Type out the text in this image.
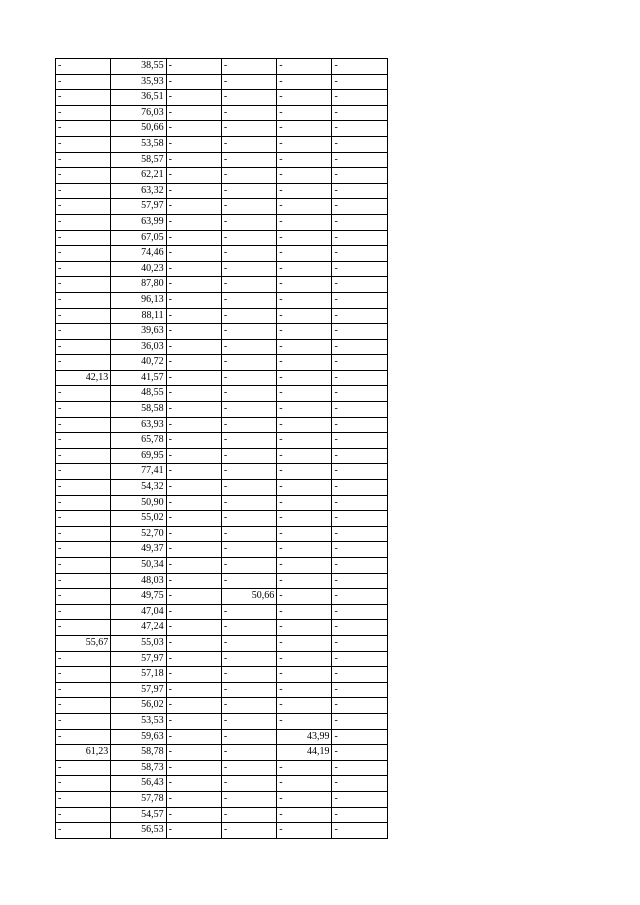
-	38,55	-	-	-	-
-	35,93	-	-	-	-
-	36,51	-	-	-	-
-	76,03	-	-	-	-
-	50,66	-	-	-	-
-	53,58	-	-	-	-
-	58,57	-	-	-	-
-	62,21	-	-	-	-
-	63,32	-	-	-	-
-	57,97	-	-	-	-
-	63,99	-	-	-	-
-	67,05	-	-	-	-
-	74,46	-	-	-	-
-	40,23	-	-	-	-
-	87,80	-	-	-	-
-	96,13	-	-	-	-
-	88,11	-	-	-	-
-	39,63	-	-	-	-
-	36,03	-	-	-	-
-	40,72	-	-	-	-
42,13	41,57	-	-	-	-
-	48,55	-	-	-	-
-	58,58	-	-	-	-
-	63,93	-	-	-	-
-	65,78	-	-	-	-
-	69,95	-	-	-	-
-	77,41	-	-	-	-
-	54,32	-	-	-	-
-	50,90	-	-	-	-
-	55,02	-	-	-	-
-	52,70	-	-	-	-
-	49,37	-	-	-	-
-	50,34	-	-	-	-
-	48,03	-	-	-	-
-	49,75	-	50,66	-	-
-	47,04	-	-	-	-
-	47,24	-	-	-	-
55,67	55,03	-	-	-	-
-	57,97	-	-	-	-
-	57,18	-	-	-	-
-	57,97	-	-	-	-
-	56,02	-	-	-	-
-	53,53	-	-	-	-
-	59,63	-	-	43,99	-
61,23	58,78	-	-	44,19	-
-	58,73	-	-	-	-
-	56,43	-	-	-	-
-	57,78	-	-	-	-
-	54,57	-	-	-	-
-	56,53	-	-	-	-
